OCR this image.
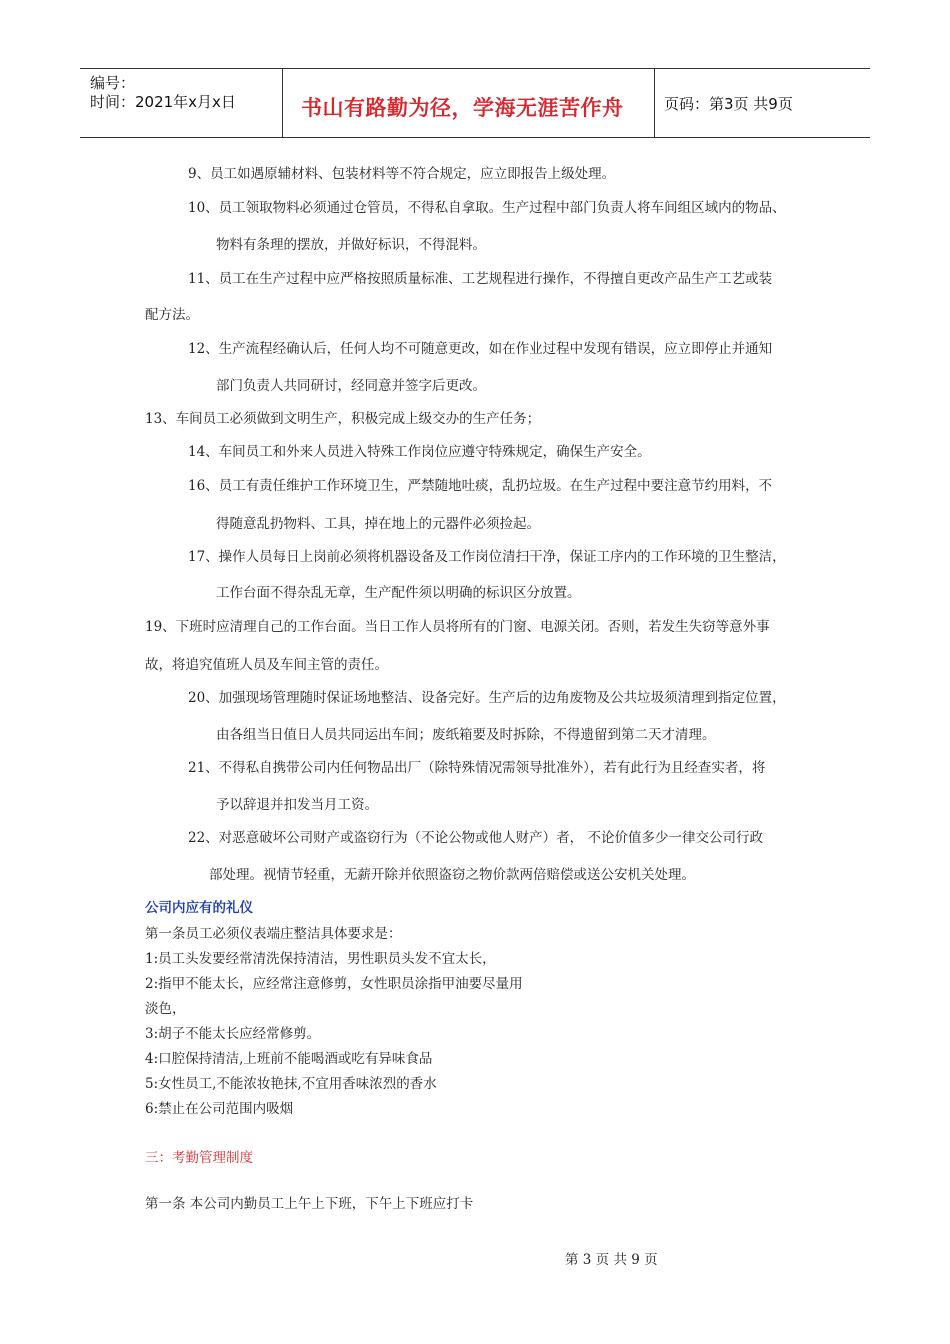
编号：
时间：2021年x月x日	书山有路勤为径，学海无涯苦作舟	页码：第3页 共9页
9、员工如遇原辅材料、包装材料等不符合规定，应立即报告上级处理。
10、员工领取物料必须通过仓管员，不得私自拿取。生产过程中部门负责人将车间组区域内的物品、
物料有条理的摆放，并做好标识，不得混料。
11、员工在生产过程中应严格按照质量标准、工艺规程进行操作，不得擅自更改产品生产工艺或装
配方法。
12、生产流程经确认后，任何人均不可随意更改，如在作业过程中发现有错误，应立即停止并通知
部门负责人共同研讨，经同意并签字后更改。
13、车间员工必须做到文明生产，积极完成上级交办的生产任务；
14、车间员工和外来人员进入特殊工作岗位应遵守特殊规定，确保生产安全。
16、员工有责任维护工作环境卫生，严禁随地吐痰，乱扔垃圾。在生产过程中要注意节约用料，不
得随意乱扔物料、工具，掉在地上的元器件必须捡起。
17、操作人员每日上岗前必须将机器设备及工作岗位清扫干净，保证工序内的工作环境的卫生整洁，
工作台面不得杂乱无章，生产配件须以明确的标识区分放置。
19、下班时应清理自己的工作台面。当日工作人员将所有的门窗、电源关闭。否则，若发生失窃等意外事
故，将追究值班人员及车间主管的责任。
20、加强现场管理随时保证场地整洁、设备完好。生产后的边角废物及公共垃圾须清理到指定位置，
由各组当日值日人员共同运出车间；废纸箱要及时拆除，不得遗留到第二天才清理。
21、不得私自携带公司内任何物品出厂（除特殊情况需领导批准外），若有此行为且经查实者，将
予以辞退并扣发当月工资。
22、对恶意破坏公司财产或盗窃行为（不论公物或他人财产）者， 不论价值多少一律交公司行政
部处理。视情节轻重，无薪开除并依照盗窃之物价款两倍赔偿或送公安机关处理。
公司内应有的礼仪
第一条员工必须仪表端庄整洁具体要求是：
1:员工头发要经常清洗保持清洁，男性职员头发不宜太长，
2:指甲不能太长，应经常注意修剪，女性职员涂指甲油要尽量用
淡色，
3:胡子不能太长应经常修剪。
4:口腔保持清洁,上班前不能喝酒或吃有异味食品
5:女性员工,不能浓妆艳抹,不宜用香味浓烈的香水
6:禁止在公司范围内吸烟
三：考勤管理制度
第一条 本公司内勤员工上午上下班，下午上下班应打卡
第 3 页 共 9 页
